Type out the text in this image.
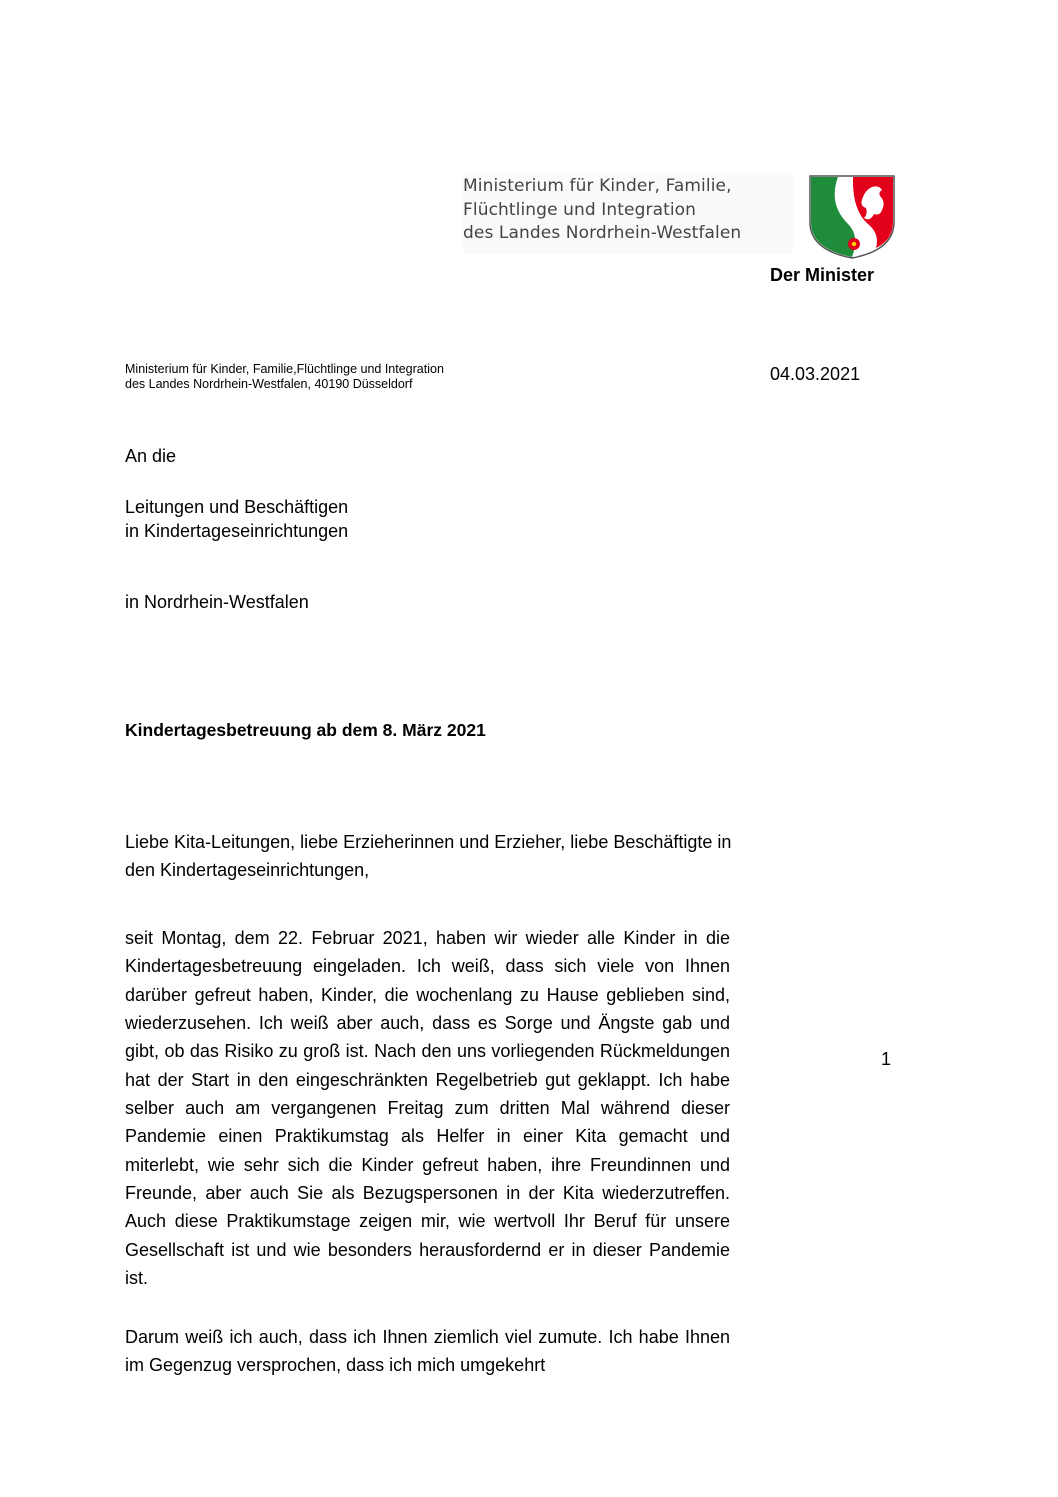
Ministerium für Kinder, Familie,
Flüchtlinge und Integration
des Landes Nordrhein-Westfalen
Der Minister
Ministerium für Kinder, Familie,Flüchtlinge und Integration
des Landes Nordrhein-Westfalen, 40190 Düsseldorf	04.03.2021
An die
Leitungen und Beschäftigen
in Kindertageseinrichtungen
in Nordrhein-Westfalen
Kindertagesbetreuung ab dem 8. März 2021
Liebe Kita-Leitungen, liebe Erzieherinnen und Erzieher, liebe Beschäftigte in den Kindertageseinrichtungen,
seit Montag, dem 22. Februar 2021, haben wir wieder alle Kinder in die Kindertagesbetreuung eingeladen. Ich weiß, dass sich viele von Ihnen darüber gefreut haben, Kinder, die wochenlang zu Hause geblieben sind, wiederzusehen. Ich weiß aber auch, dass es Sorge und Ängste gab und gibt, ob das Risiko zu groß ist. Nach den uns vorliegenden Rückmeldungen hat der Start in den eingeschränkten Regelbetrieb gut geklappt. Ich habe selber auch am vergangenen Freitag zum dritten Mal während dieser Pandemie einen Praktikumstag als Helfer in einer Kita gemacht und miterlebt, wie sehr sich die Kinder gefreut haben, ihre Freundinnen und Freunde, aber auch Sie als Bezugspersonen in der Kita wiederzutreffen. Auch diese Praktikumstage zeigen mir, wie wertvoll Ihr Beruf für unsere Gesellschaft ist und wie besonders herausfordernd er in dieser Pandemie ist.
Darum weiß ich auch, dass ich Ihnen ziemlich viel zumute. Ich habe Ihnen im Gegenzug versprochen, dass ich mich umgekehrt
1
